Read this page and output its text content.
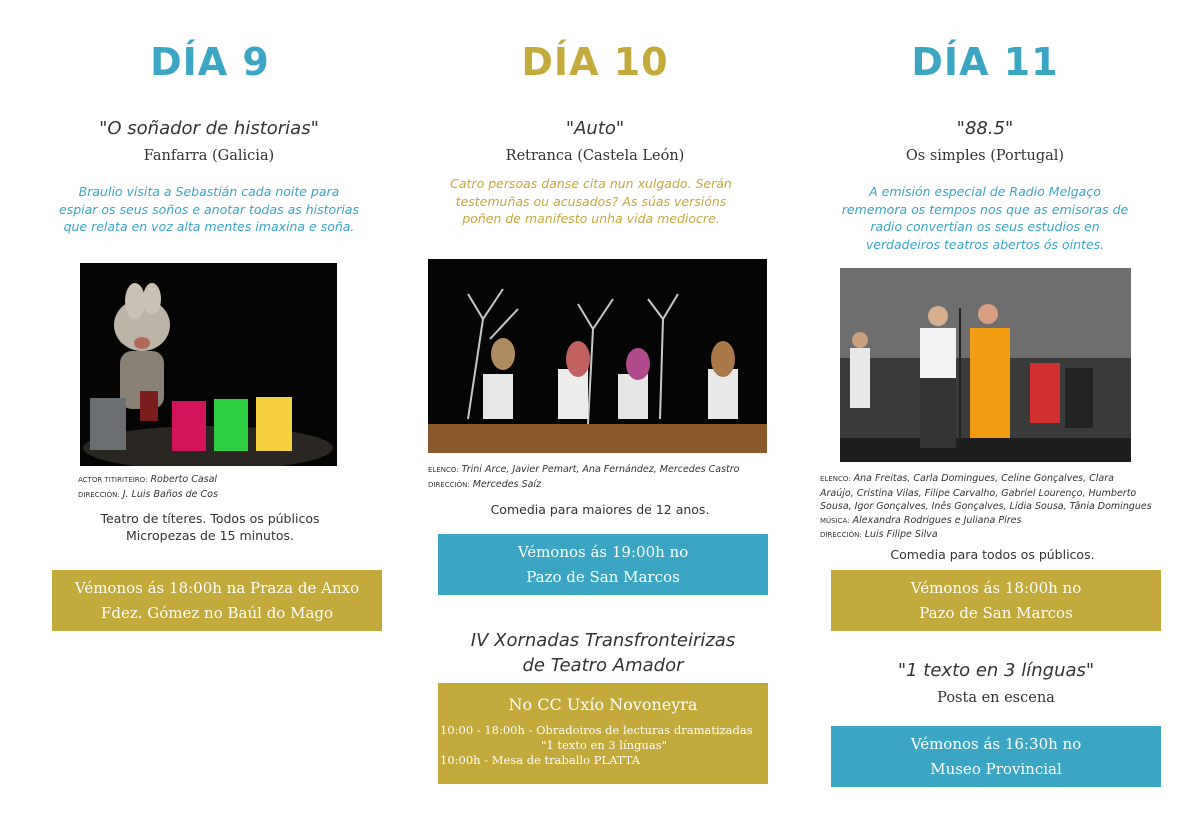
DÍA 9
"O soñador de historias"
Fanfarra (Galicia)
Braulio visita a Sebastián cada noite para
espiar os seus soños e anotar todas as historias
que relata en voz alta mentes imaxina e soña.
ACTOR TITIRITEIRO: Roberto Casal
DIRECCIÓN: J. Luis Baños de Cos
Teatro de títeres. Todos os públicos
Micropezas de 15 minutos.
Vémonos ás 18:00h na Praza de Anxo
Fdez. Gómez no Baúl do Mago
DÍA 10
"Auto"
Retranca (Castela León)
Catro persoas danse cita nun xulgado. Serán
testemuñas ou acusados? As súas versións
poñen de manifesto unha vida mediocre.
ELENCO: Trini Arce, Javier Pemart, Ana Fernández, Mercedes Castro
DIRECCIÓN: Mercedes Saíz
Comedia para maiores de 12 anos.
Vémonos ás 19:00h no
Pazo de San Marcos
IV Xornadas Transfronteirizas
de Teatro Amador
No CC Uxío Novoneyra
10:00 - 18:00h - Obradoiros de lecturas dramatizadas
"1 texto en 3 línguas"
10:00h - Mesa de traballo PLATTA
DÍA 11
"88.5"
Os simples (Portugal)
A emisión especial de Radio Melgaço
rememora os tempos nos que as emisoras de
radio convertían os seus estudios en
verdadeiros teatros abertos ós ointes.
ELENCO: Ana Freitas, Carla Domingues, Celine Gonçalves, Clara
Araújo, Cristina Vilas, Filipe Carvalho, Gabriel Lourenço, Humberto
Sousa, Igor Gonçalves, Inês Gonçalves, Lídia Sousa, Tânia Domingues
MÚSICA: Alexandra Rodrigues e Juliana Pires
DIRECCIÓN: Luis Filipe Silva
Comedia para todos os públicos.
Vémonos ás 18:00h no
Pazo de San Marcos
"1 texto en 3 línguas"
Posta en escena
Vémonos ás 16:30h no
Museo Provincial
